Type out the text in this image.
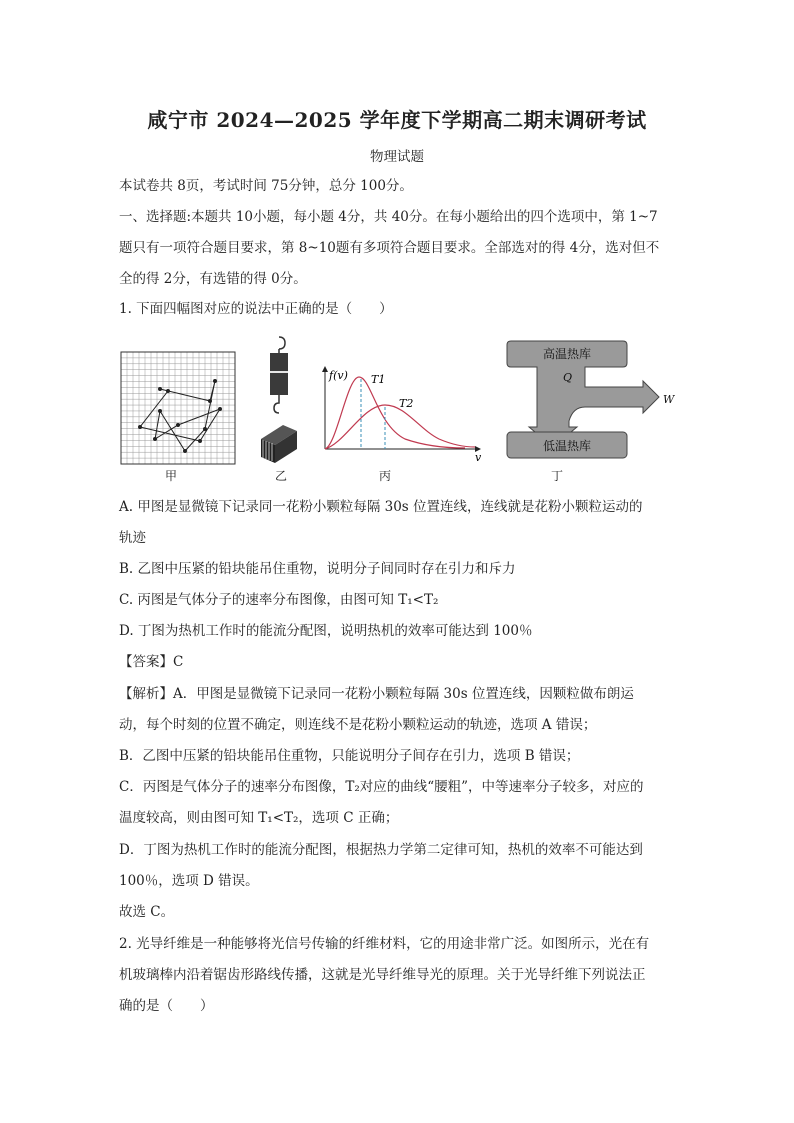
咸宁市 2024—2025 学年度下学期高二期末调研考试
物理试题
本试卷共 8页，考试时间 75分钟，总分 100分。
一、选择题:本题共 10小题，每小题 4分，共 40分。在每小题给出的四个选项中，第 1~7
题只有一项符合题目要求，第 8~10题有多项符合题目要求。全部选对的得 4分，选对但不
全的得 2分，有选错的得 0分。
1. 下面四幅图对应的说法中正确的是（　　）
甲	乙
f(v)
v
T1
T2
丙
高温热库
低温热库
Q
W
丁
A. 甲图是显微镜下记录同一花粉小颗粒每隔 30s 位置连线，连线就是花粉小颗粒运动的
轨迹
B. 乙图中压紧的铅块能吊住重物，说明分子间同时存在引力和斥力
C. 丙图是气体分子的速率分布图像，由图可知 T₁<T₂
D. 丁图为热机工作时的能流分配图，说明热机的效率可能达到 100％
【答案】C
【解析】A．甲图是显微镜下记录同一花粉小颗粒每隔 30s 位置连线，因颗粒做布朗运
动，每个时刻的位置不确定，则连线不是花粉小颗粒运动的轨迹，选项 A 错误；
B．乙图中压紧的铅块能吊住重物，只能说明分子间存在引力，选项 B 错误；
C．丙图是气体分子的速率分布图像，T₂对应的曲线“腰粗”，中等速率分子较多，对应的
温度较高，则由图可知 T₁<T₂，选项 C 正确；
D．丁图为热机工作时的能流分配图，根据热力学第二定律可知，热机的效率不可能达到
100％，选项 D 错误。
故选 C。
2. 光导纤维是一种能够将光信号传输的纤维材料，它的用途非常广泛。如图所示，光在有
机玻璃棒内沿着锯齿形路线传播，这就是光导纤维导光的原理。关于光导纤维下列说法正
确的是（　　）
